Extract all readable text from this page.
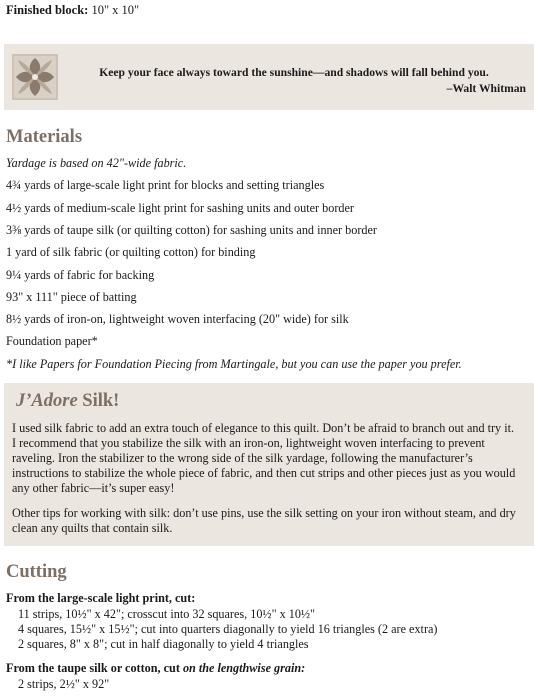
Finished block: 10" x 10"
Keep your face always toward the sunshine—and shadows will fall behind you.
–Walt Whitman
Materials
Yardage is based on 42"-wide fabric.
4¾ yards of large-scale light print for blocks and setting triangles
4½ yards of medium-scale light print for sashing units and outer border
3⅜ yards of taupe silk (or quilting cotton) for sashing units and inner border
1 yard of silk fabric (or quilting cotton) for binding
9¼ yards of fabric for backing
93" x 111" piece of batting
8½ yards of iron-on, lightweight woven interfacing (20" wide) for silk
Foundation paper*
*I like Papers for Foundation Piecing from Martingale, but you can use the paper you prefer.
J’Adore Silk!
I used silk fabric to add an extra touch of elegance to this quilt. Don’t be afraid to branch out and try it.
I recommend that you stabilize the silk with an iron-on, lightweight woven interfacing to prevent
raveling. Iron the stabilizer to the wrong side of the silk yardage, following the manufacturer’s
instructions to stabilize the whole piece of fabric, and then cut strips and other pieces just as you would
any other fabric—it’s super easy!
Other tips for working with silk: don’t use pins, use the silk setting on your iron without steam, and dry
clean any quilts that contain silk.
Cutting
From the large-scale light print, cut:
11 strips, 10½" x 42"; crosscut into 32 squares, 10½" x 10½"
4 squares, 15½" x 15½"; cut into quarters diagonally to yield 16 triangles (2 are extra)
2 squares, 8" x 8"; cut in half diagonally to yield 4 triangles
From the taupe silk or cotton, cut on the lengthwise grain:
2 strips, 2½" x 92"
